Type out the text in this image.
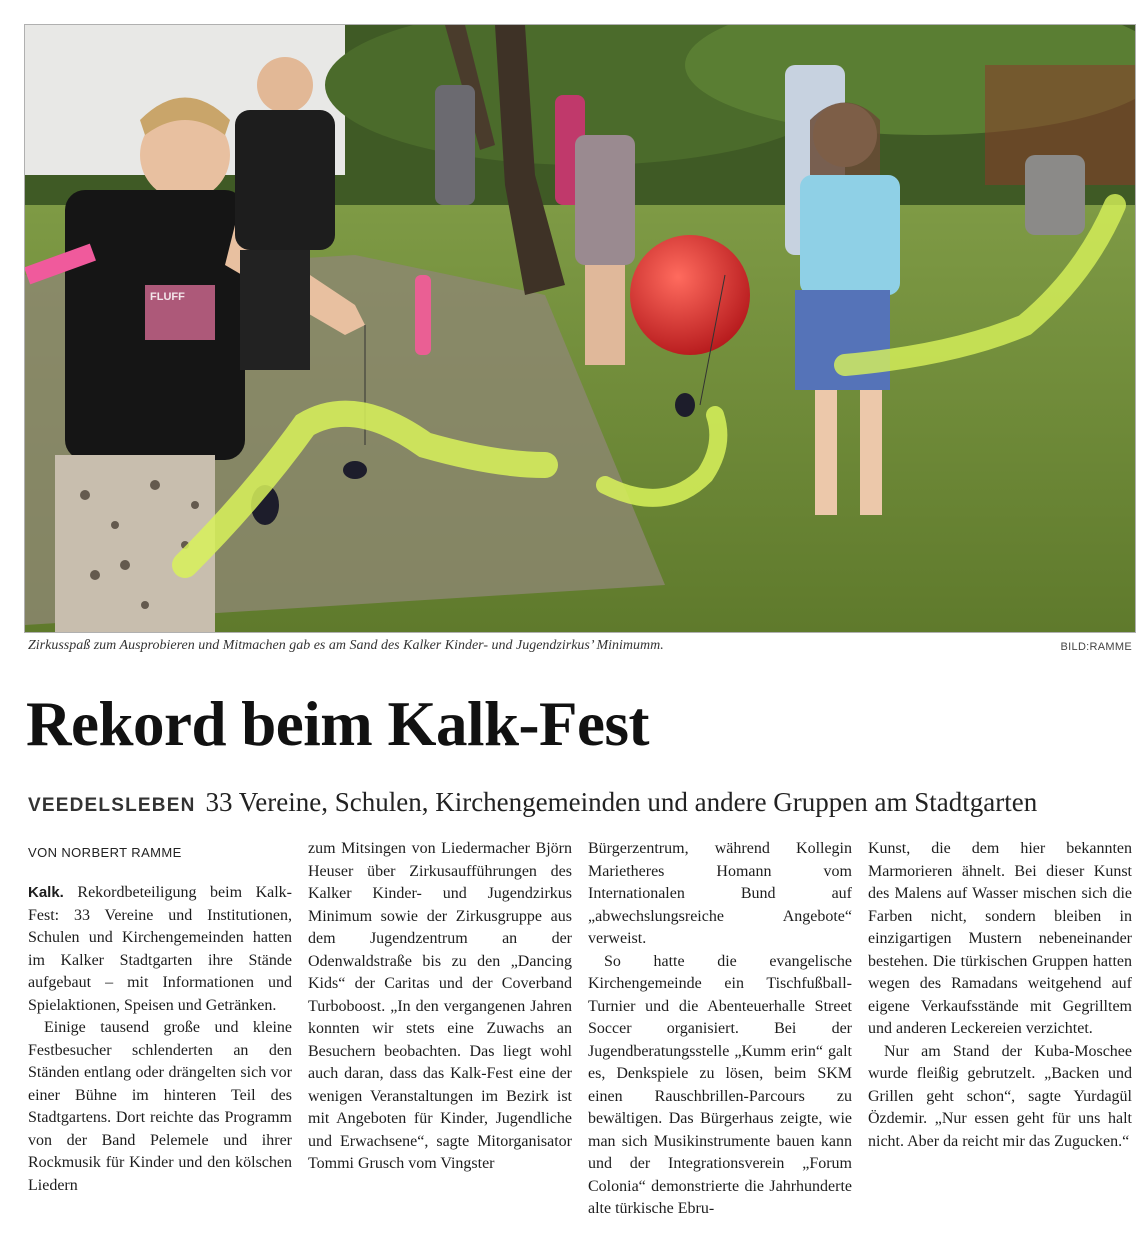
FLUFF
Zirkusspaß zum Ausprobieren und Mitmachen gab es am Sand des Kalker Kinder- und Jugendzirkus’ Minimumm.	BILD:RAMME
Rekord beim Kalk-Fest
VEEDELSLEBEN 33 Vereine, Schulen, Kirchengemeinden und andere Gruppen am Stadtgarten
VON NORBERT RAMME

Kalk. Rekordbeteiligung beim Kalk-Fest: 33 Vereine und Institutionen, Schulen und Kirchengemeinden hatten im Kalker Stadtgarten ihre Stände aufgebaut – mit Informationen und Spielaktionen, Speisen und Getränken.

Einige tausend große und kleine Festbesucher schlenderten an den Ständen entlang oder drängelten sich vor einer Bühne im hinteren Teil des Stadtgartens. Dort reichte das Programm von der Band Pelemele und ihrer Rockmusik für Kinder und den kölschen Liedern

zum Mitsingen von Liedermacher Björn Heuser über Zirkusaufführungen des Kalker Kinder- und Jugendzirkus Minimum sowie der Zirkusgruppe aus dem Jugendzentrum an der Odenwaldstraße bis zu den „Dancing Kids“ der Caritas und der Coverband Turboboost. „In den vergangenen Jahren konnten wir stets eine Zuwachs an Besuchern beobachten. Das liegt wohl auch daran, dass das Kalk-Fest eine der wenigen Veranstaltungen im Bezirk ist mit Angeboten für Kinder, Jugendliche und Erwachsene“, sagte Mitorganisator Tommi Grusch vom Vingster

Bürgerzentrum, während Kollegin Marietheres Homann vom Internationalen Bund auf „abwechslungsreiche Angebote“ verweist.

So hatte die evangelische Kirchengemeinde ein Tischfußball-Turnier und die Abenteuerhalle Street Soccer organisiert. Bei der Jugendberatungsstelle „Kumm erin“ galt es, Denkspiele zu lösen, beim SKM einen Rauschbrillen-Parcours zu bewältigen. Das Bürgerhaus zeigte, wie man sich Musikinstrumente bauen kann und der Integrationsverein „Forum Colonia“ demonstrierte die Jahrhunderte alte türkische Ebru-

Kunst, die dem hier bekannten Marmorieren ähnelt. Bei dieser Kunst des Malens auf Wasser mischen sich die Farben nicht, sondern bleiben in einzigartigen Mustern nebeneinander bestehen. Die türkischen Gruppen hatten wegen des Ramadans weitgehend auf eigene Verkaufsstände mit Gegrilltem und anderen Leckereien verzichtet.

Nur am Stand der Kuba-Moschee wurde fleißig gebrutzelt. „Backen und Grillen geht schon“, sagte Yurdagül Özdemir. „Nur essen geht für uns halt nicht. Aber da reicht mir das Zugucken.“
